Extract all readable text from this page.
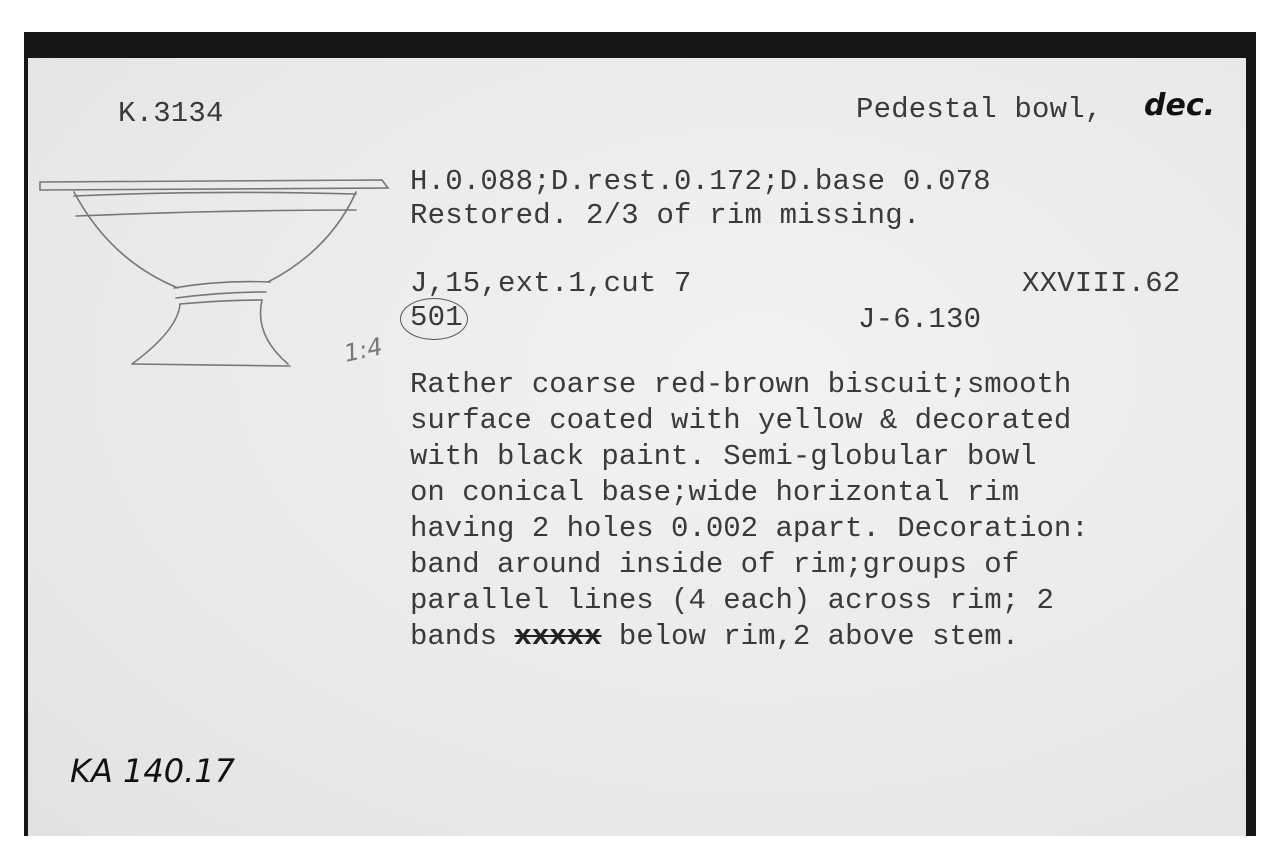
K.3134	Pedestal bowl, dec.
1:4
H.0.088;D.rest.0.172;D.base 0.078
Restored. 2/3 of rim missing.
J,15,ext.1,cut 7	XXVIII.62
501	J-6.130
Rather coarse red-brown biscuit;smooth
surface coated with yellow & decorated
with black paint. Semi-globular bowl
on conical base;wide horizontal rim
having 2 holes 0.002 apart. Decoration:
band around inside of rim;groups of
parallel lines (4 each) across rim; 2
bands xxxxx below rim,2 above stem.
KA 140.17
